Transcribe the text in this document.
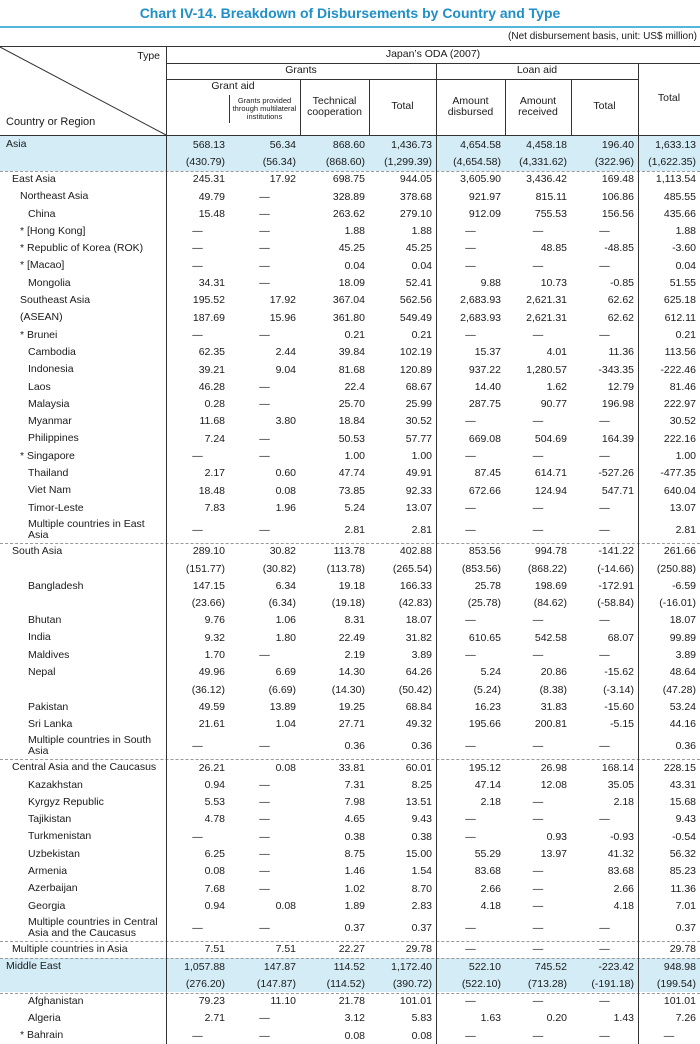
Chart IV-14. Breakdown of Disbursements by Country and Type
(Net disbursement basis, unit: US$ million)
Type
Country or Region
Japan’s ODA (2007)
Grants	Loan aid
Total
Grant aid
Grants provided through multilateral institutions
Technical cooperation	Total	Amount disbursed
Amount received	Total
Asia	568.13	56.34	868.60	1,436.73	4,654.58	4,458.18	196.40	1,633.13
(430.79)	(56.34)	(868.60)	(1,299.39)	(4,654.58)	(4,331.62)	(322.96)	(1,622.35)
East Asia	245.31	17.92	698.75	944.05	3,605.90	3,436.42	169.48	1,113.54
Northeast Asia	49.79	—	328.89	378.68	921.97	815.11	106.86	485.55
China	15.48	—	263.62	279.10	912.09	755.53	156.56	435.66
* [Hong Kong]	—	—	1.88	1.88	—	—	—	1.88
* Republic of Korea (ROK)	—	—	45.25	45.25	—	48.85	-48.85	-3.60
* [Macao]	—	—	0.04	0.04	—	—	—	0.04
Mongolia	34.31	—	18.09	52.41	9.88	10.73	-0.85	51.55
Southeast Asia	195.52	17.92	367.04	562.56	2,683.93	2,621.31	62.62	625.18
(ASEAN)	187.69	15.96	361.80	549.49	2,683.93	2,621.31	62.62	612.11
* Brunei	—	—	0.21	0.21	—	—	—	0.21
Cambodia	62.35	2.44	39.84	102.19	15.37	4.01	11.36	113.56
Indonesia	39.21	9.04	81.68	120.89	937.22	1,280.57	-343.35	-222.46
Laos	46.28	—	22.4	68.67	14.40	1.62	12.79	81.46
Malaysia	0.28	—	25.70	25.99	287.75	90.77	196.98	222.97
Myanmar	11.68	3.80	18.84	30.52	—	—	—	30.52
Philippines	7.24	—	50.53	57.77	669.08	504.69	164.39	222.16
* Singapore	—	—	1.00	1.00	—	—	—	1.00
Thailand	2.17	0.60	47.74	49.91	87.45	614.71	-527.26	-477.35
Viet Nam	18.48	0.08	73.85	92.33	672.66	124.94	547.71	640.04
Timor-Leste	7.83	1.96	5.24	13.07	—	—	—	13.07
Multiple countries in East Asia	—	—	2.81	2.81	—	—	—	2.81
South Asia	289.10	30.82	113.78	402.88	853.56	994.78	-141.22	261.66
(151.77)	(30.82)	(113.78)	(265.54)	(853.56)	(868.22)	(-14.66)	(250.88)
Bangladesh	147.15	6.34	19.18	166.33	25.78	198.69	-172.91	-6.59
(23.66)	(6.34)	(19.18)	(42.83)	(25.78)	(84.62)	(-58.84)	(-16.01)
Bhutan	9.76	1.06	8.31	18.07	—	—	—	18.07
India	9.32	1.80	22.49	31.82	610.65	542.58	68.07	99.89
Maldives	1.70	—	2.19	3.89	—	—	—	3.89
Nepal	49.96	6.69	14.30	64.26	5.24	20.86	-15.62	48.64
(36.12)	(6.69)	(14.30)	(50.42)	(5.24)	(8.38)	(-3.14)	(47.28)
Pakistan	49.59	13.89	19.25	68.84	16.23	31.83	-15.60	53.24
Sri Lanka	21.61	1.04	27.71	49.32	195.66	200.81	-5.15	44.16
Multiple countries in South Asia	—	—	0.36	0.36	—	—	—	0.36
Central Asia and the Caucasus	26.21	0.08	33.81	60.01	195.12	26.98	168.14	228.15
Kazakhstan	0.94	—	7.31	8.25	47.14	12.08	35.05	43.31
Kyrgyz Republic	5.53	—	7.98	13.51	2.18	—	2.18	15.68
Tajikistan	4.78	—	4.65	9.43	—	—	—	9.43
Turkmenistan	—	—	0.38	0.38	—	0.93	-0.93	-0.54
Uzbekistan	6.25	—	8.75	15.00	55.29	13.97	41.32	56.32
Armenia	0.08	—	1.46	1.54	83.68	—	83.68	85.23
Azerbaijan	7.68	—	1.02	8.70	2.66	—	2.66	11.36
Georgia	0.94	0.08	1.89	2.83	4.18	—	4.18	7.01
Multiple countries in Central Asia and the Caucasus	—	—	0.37	0.37	—	—	—	0.37
Multiple countries in Asia	7.51	7.51	22.27	29.78	—	—	—	29.78
Middle East	1,057.88	147.87	114.52	1,172.40	522.10	745.52	-223.42	948.98
(276.20)	(147.87)	(114.52)	(390.72)	(522.10)	(713.28)	(-191.18)	(199.54)
Afghanistan	79.23	11.10	21.78	101.01	—	—	—	101.01
Algeria	2.71	—	3.12	5.83	1.63	0.20	1.43	7.26
* Bahrain	—	—	0.08	0.08	—	—	—	—
